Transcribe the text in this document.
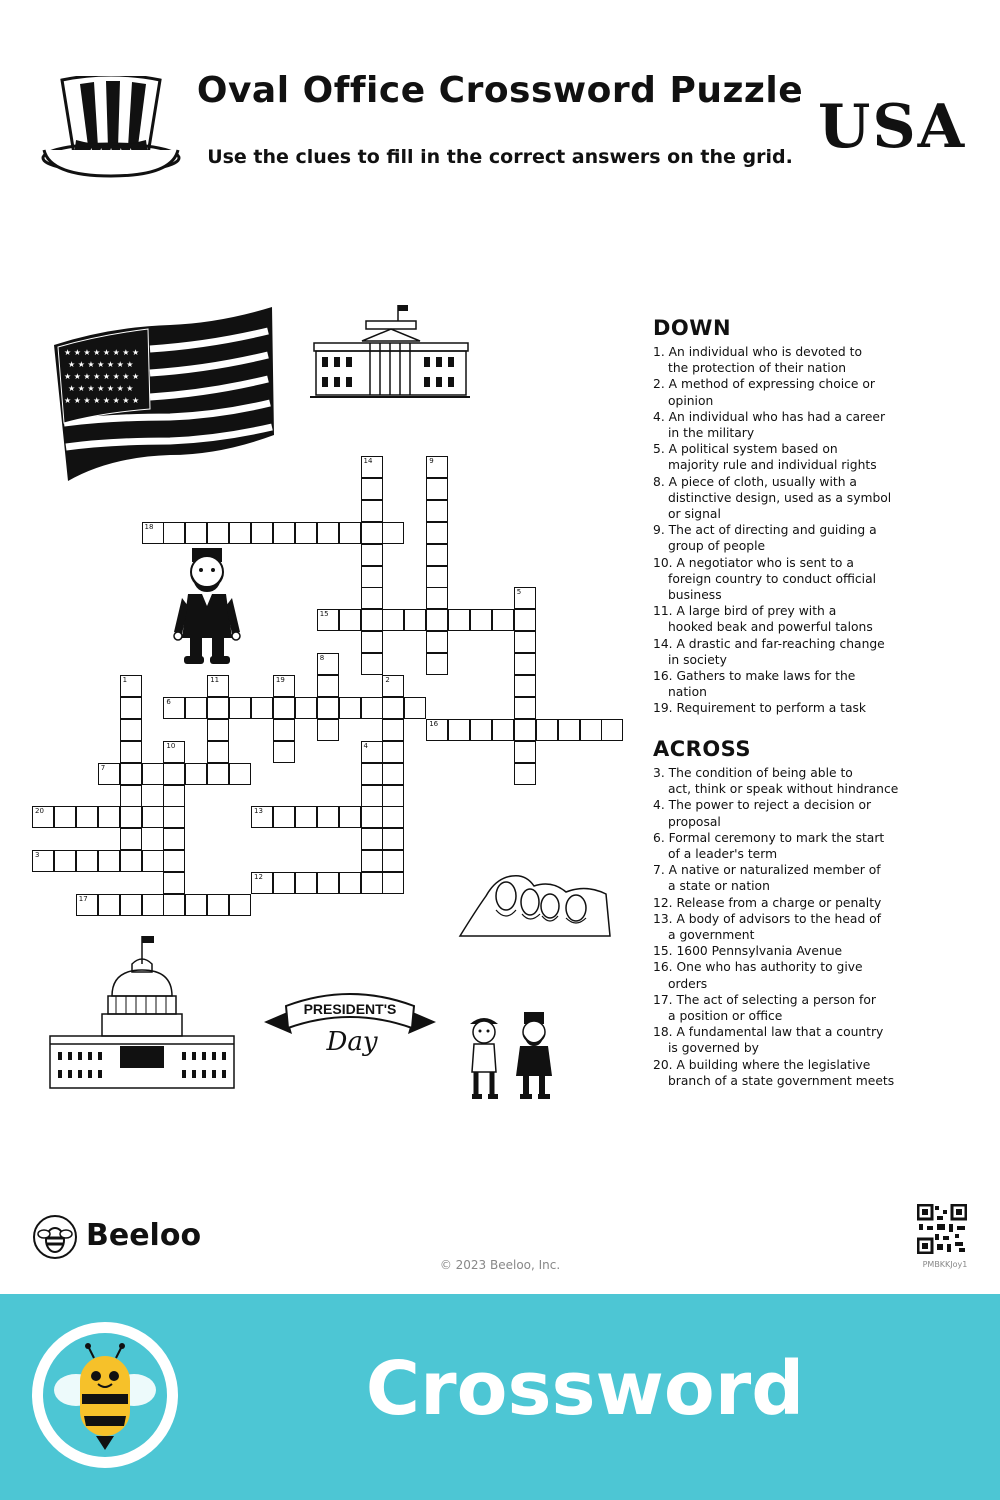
Oval Office Crossword Puzzle
Use the clues to fill in the correct answers on the grid. USA
★ ★ ★ ★ ★ ★ ★ ★
★ ★ ★ ★ ★ ★ ★
★ ★ ★ ★ ★ ★ ★ ★
★ ★ ★ ★ ★ ★ ★
★ ★ ★ ★ ★ ★ ★ ★
PRESIDENT'S
Day
18
15
6
16
7
20	13
3
12
17
14	9
5
8
1	11	19	2
10	4
DOWN
1. An individual who is devoted to
the protection of their nation
2. A method of expressing choice or
opinion
4. An individual who has had a career
in the military
5. A political system based on
majority rule and individual rights
8. A piece of cloth, usually with a
distinctive design, used as a symbol
or signal
9. The act of directing and guiding a
group of people
10. A negotiator who is sent to a
foreign country to conduct official
business
11. A large bird of prey with a
hooked beak and powerful talons
14. A drastic and far-reaching change
in society
16. Gathers to make laws for the
nation
19. Requirement to perform a task
ACROSS
3. The condition of being able to
act, think or speak without hindrance
4. The power to reject a decision or
proposal
6. Formal ceremony to mark the start
of a leader's term
7. A native or naturalized member of
a state or nation
12. Release from a charge or penalty
13. A body of advisors to the head of
a government
15. 1600 Pennsylvania Avenue
16. One who has authority to give
orders
17. The act of selecting a person for
a position or office
18. A fundamental law that a country
is governed by
20. A building where the legislative
branch of a state government meets
Beeloo
© 2023 Beeloo, Inc.	PMBKKJoy1
Crossword
